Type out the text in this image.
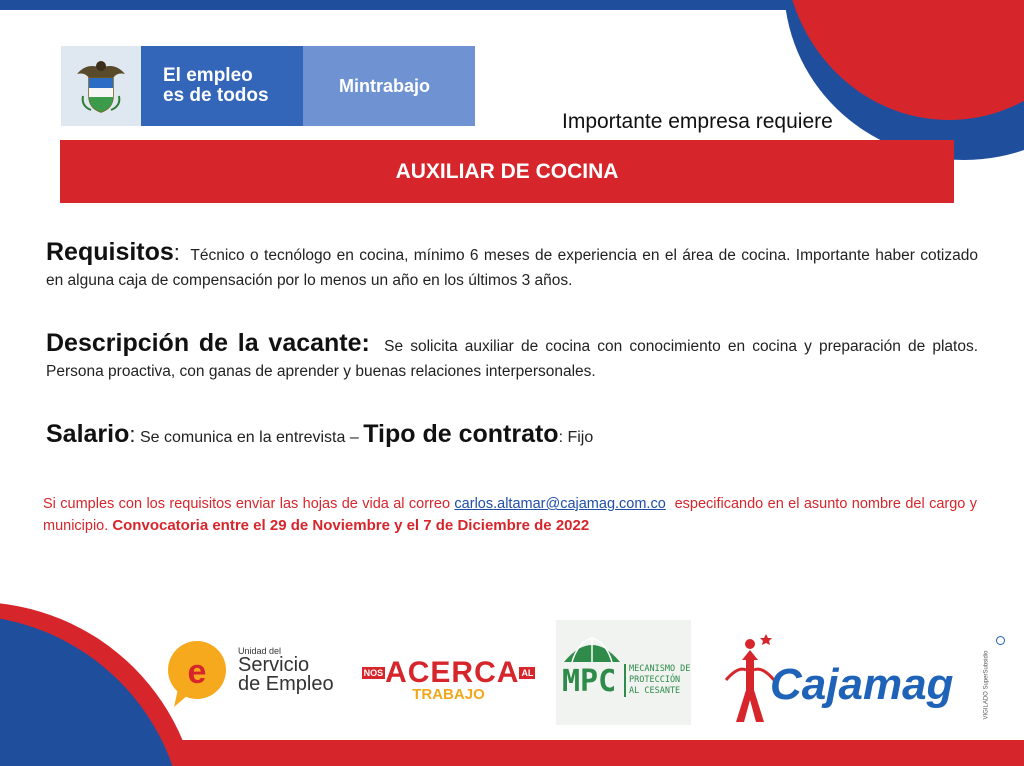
El empleo
es de todos	Mintrabajo
Importante empresa requiere
AUXILIAR DE COCINA
Requisitos: Técnico o tecnólogo en cocina, mínimo 6 meses de experiencia en el área de cocina. Importante haber cotizado en alguna caja de compensación por lo menos un año en los últimos 3 años.
Descripción de la vacante: Se solicita auxiliar de cocina con conocimiento en cocina y preparación de platos. Persona proactiva, con ganas de aprender y buenas relaciones interpersonales.
Salario: Se comunica en la entrevista – Tipo de contrato: Fijo
Si cumples con los requisitos enviar las hojas de vida al correo carlos.altamar@cajamag.com.co especificando en el asunto nombre del cargo y municipio. Convocatoria entre el 29 de Noviembre y el 7 de Diciembre de 2022
e
Unidad del
Servicio
de Empleo	NOS ACERCA AL
TRABAJO	MPC MECANISMO DE
PROTECCIÓN
AL CESANTE Cajamag	VIGILADO SuperSubsidio
